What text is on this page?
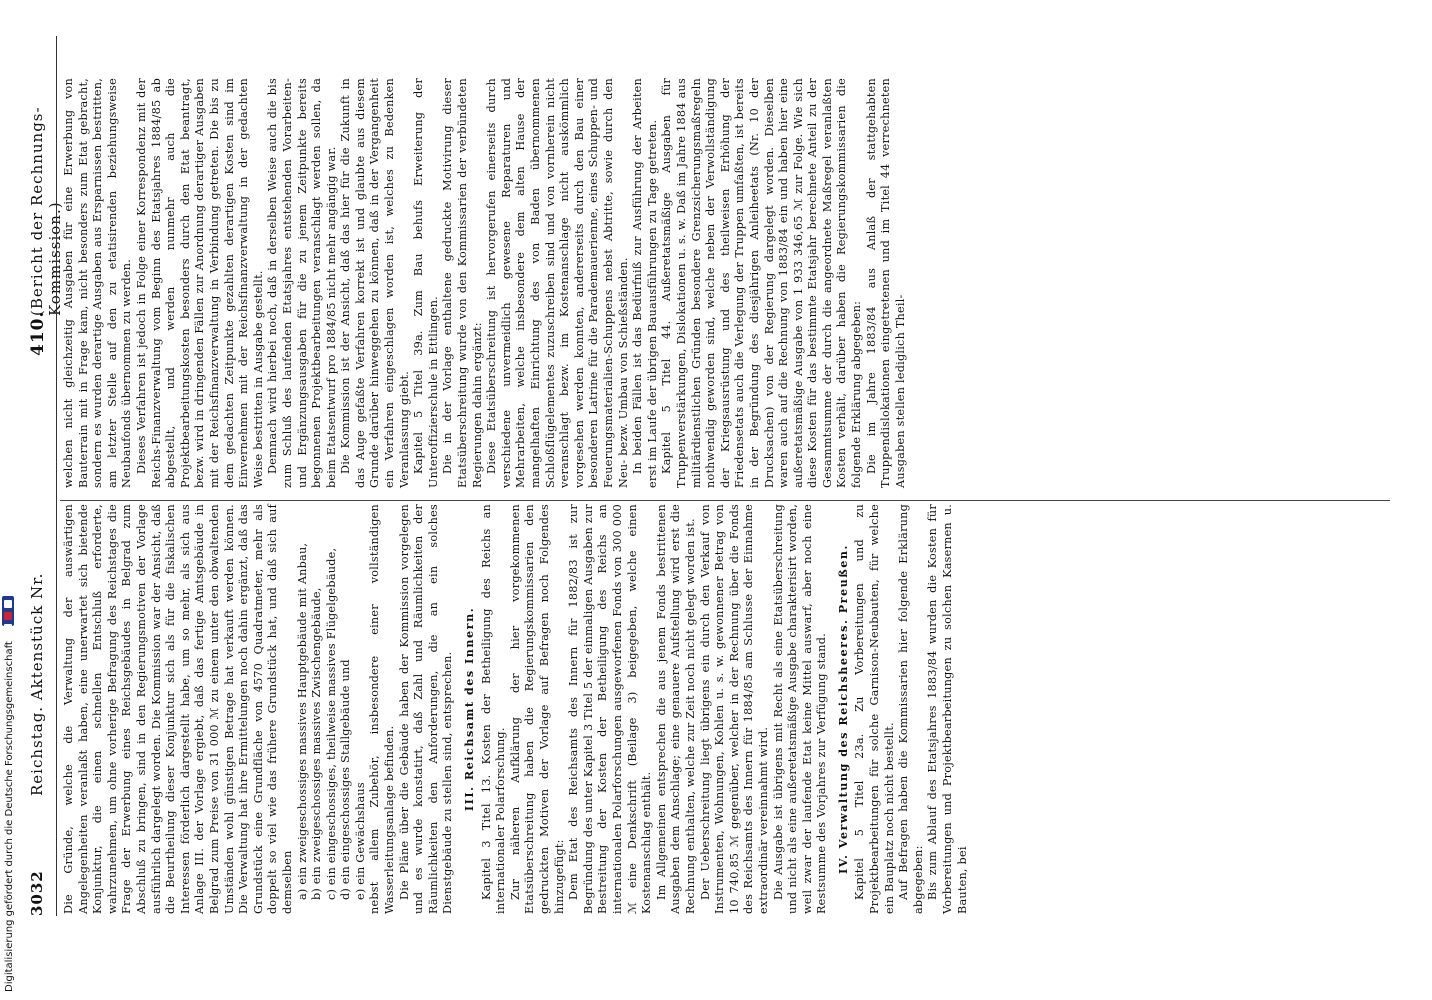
3032
Reichstag. Aktenstück Nr.
410.
(Bericht der Rechnungs-Kommission.)

Die Gründe, welche die Verwaltung der auswärtigen Angelegenheiten veranlaßt haben, eine unerwartet sich bietende Konjunktur, die einen schnellen Entschluß erforderte, wahrzunehmen, um ohne vorherige Befragung des Reichstages die Frage der Erwerbung eines Reichsgebäudes in Belgrad zum Abschluß zu bringen, sind in den Regierungsmotiven der Vorlage ausführlich dargelegt worden. Die Kommission war der Ansicht, daß die Beurtheilung dieser Konjunktur sich als für die fiskalischen Interessen förderlich dargestellt habe, um so mehr, als sich aus Anlage III. der Vorlage ergiebt, daß das fertige Amtsgebäude in Belgrad zum Preise von 31 000 ℳ zu einem unter den obwaltenden Umständen wohl günstigen Betrage hat verkauft werden können. Die Verwaltung hat ihre Ermittelungen noch dahin ergänzt, daß das Grundstück eine Grundfläche von 4570 Quadratmeter, mehr als doppelt so viel wie das frühere Grundstück hat, und daß sich auf demselben a) ein zweigeschossiges massives Hauptgebäude mit Anbau, b) ein zweigeschossiges massives Zwischengebäude, c) ein eingeschossiges, theilweise massives Flügelgebäude, d) ein eingeschossiges Stallgebäude und e) ein Gewächshaus nebst allem Zubehör, insbesondere einer vollständigen Wasserleitungsanlage befinden. Die Pläne über die Gebäude haben der Kommission vorgelegen und es wurde konstatirt, daß Zahl und Räumlichkeiten der Räumlichkeiten den Anforderungen, die an ein solches Dienstgebäude zu stellen sind, entsprechen. III. Reichsamt des Innern. Kapitel 3 Titel 13. Kosten der Betheiligung des Reichs an internationaler Polarforschung. Zur näheren Aufklärung der hier vorgekommenen Etatsüberschreitung haben die Regierungskommissarien den gedruckten Motiven der Vorlage auf Befragen noch Folgendes hinzugefügt: Dem Etat des Reichsamts des Innern für 1882/83 ist zur Begründung des unter Kapitel 3 Titel 5 der einmaligen Ausgaben zur Bestreitung der Kosten der Betheiligung des Reichs an internationalen Polarforschungen ausgeworfenen Fonds von 300 000 ℳ eine Denkschrift (Beilage 3) beigegeben, welche einen Kostenanschlag enthält. Im Allgemeinen entsprechen die aus jenem Fonds bestrittenen Ausgaben dem Anschlage; eine genauere Aufstellung wird erst die Rechnung enthalten, welche zur Zeit noch nicht gelegt worden ist. Der Ueberschreitung liegt übrigens ein durch den Verkauf von Instrumenten, Wohnungen, Kohlen u. s. w. gewonnener Betrag von 10 740,85 ℳ gegenüber, welcher in der Rechnung über die Fonds des Reichsamts des Innern für 1884/85 am Schlusse der Einnahme extraordinär vereinnahmt wird. Die Ausgabe ist übrigens mit Recht als eine Etatsüberschreitung und nicht als eine außeretatsmäßige Ausgabe charakterisirt worden, weil zwar der laufende Etat keine Mittel auswarf, aber noch eine Restsumme des Vorjahres zur Verfügung stand. IV. Verwaltung des Reichsheeres. Preußen. Kapitel 5 Titel 23a. Zu Vorbereitungen und zu Projektbearbeitungen für solche Garnison-Neubauten, für welche ein Bauplatz noch nicht bestellt. Auf Befragen haben die Kommissarien hier folgende Erklärung abgegeben: Bis zum Ablauf des Etatsjahres 1883/84 wurden die Kosten für Vorbereitungen und Projektbearbeitungen zu solchen Kasernen u. Bauten, bei

welchen nicht gleichzeitig Ausgaben für eine Erwerbung von Bauterrain mit in Frage kam, nicht besonders zum Etat gebracht, sondern es wurden derartige Ausgaben aus Ersparnissen bestritten, am letzter Stelle auf den zu etatisirenden beziehungsweise Neubaufonds übernommen zu werden. Dieses Verfahren ist jedoch in Folge einer Korrespondenz mit der Reichs-Finanzverwaltung vom Beginn des Etatsjahres 1884/85 ab abgestellt, und werden nunmehr auch die Projektbearbeitungskosten besonders durch den Etat beantragt, bezw. wird in dringenden Fällen zur Anordnung derartiger Ausgaben mit der Reichsfinanzverwaltung in Verbindung getreten. Die bis zu dem gedachten Zeitpunkte gezahlten derartigen Kosten sind im Einvernehmen mit der Reichsfinanzverwaltung in der gedachten Weise bestritten in Ausgabe gestellt. Demnach wird hierbei noch, daß in derselben Weise auch die bis zum Schluß des laufenden Etatsjahres entstehenden Vorarbeiten- und Ergänzungsausgaben für die zu jenem Zeitpunkte bereits begonnenen Projektbearbeitungen veranschlagt werden sollen, da beim Etatsentwurf pro 1884/85 nicht mehr angängig war. Die Kommission ist der Ansicht, daß das hier für die Zukunft in das Auge gefaßte Verfahren korrekt ist und glaubte aus diesem Grunde darüber hinweggehen zu können, daß in der Vergangenheit ein Verfahren eingeschlagen worden ist, welches zu Bedenken Veranlassung giebt. Kapitel 5 Titel 39a. Zum Bau behufs Erweiterung der Unteroffizierschule in Ettlingen. Die in der Vorlage enthaltene gedruckte Motivirung dieser Etatsüberschreitung wurde von den Kommissarien der verbündeten Regierungen dahin ergänzt: Diese Etatsüberschreitung ist hervorgerufen einerseits durch verschiedene unvermeidlich gewesene Reparaturen und Mehrarbeiten, welche insbesondere dem alten Hause der mangelhaften Einrichtung des von Baden übernommenen Schloßflügelementes zuzuschreiben sind und von vornherein nicht veranschlagt bezw. im Kostenanschlage nicht auskömmlich vorgesehen werden konnten, andererseits durch den Bau einer besonderen Latrine für die Parademauerienne, eines Schuppen- und Feuerungsmaterialien-Schuppens nebst Abtritte, sowie durch den Neu- bezw. Umbau von Schießständen. In beiden Fällen ist das Bedürfniß zur Ausführung der Arbeiten erst im Laufe der übrigen Bauausführungen zu Tage getreten. Kapitel 5 Titel 44. Außeretatsmäßige Ausgaben für Truppenverstärkungen, Dislokationen u. s. w. Daß im Jahre 1884 aus militärdienstlichen Gründen besondere Grenzsicherungsmaßregeln nothwendig geworden sind, welche neben der Verwollständigung der Kriegsausrüstung und des theilweisen Erhöhung der Friedensetats auch die Verlegung der Truppen umfaßten, ist bereits in der Begründung des diesjährigen Anleiheetats (Nr. 10 der Drucksachen) von der Regierung dargelegt worden. Dieselben waren auch auf die Rechnung von 1883/84 ein und haben hier eine außeretatsmäßige Ausgabe von 1 933 346,65 ℳ zur Folge. Wie sich diese Kosten für das bestimmte Etatsjahr berechnete Anteil zu der Gesammtsumme der durch die angeordnete Maßregel veranlaßten Kosten verhält, darüber haben die Regierungskommissarien die folgende Erklärung abgegeben: Die im Jahre 1883/84 aus Anlaß der stattgehabten Truppendislokationen eingetretenen und im Titel 44 verrechneten Ausgaben stellen lediglich Theil-

Digitalisierung gefördert durch die Deutsche Forschungsgemeinschaft
